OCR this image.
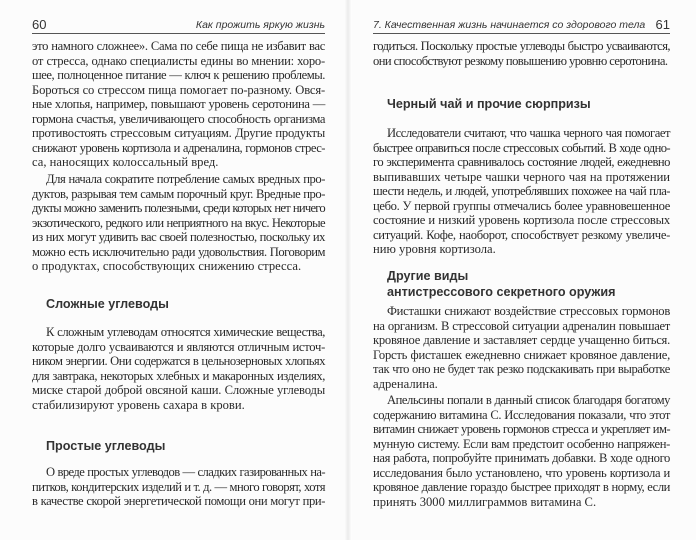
60	Как прожить яркую жизнь
это намного сложнее». Сама по себе пища не избавит вас
от стресса, однако специалисты едины во мнении: хоро-
шее, полноценное питание — ключ к решению проблемы.
Бороться со стрессом пища помогает по-разному. Овся-
ные хлопья, например, повышают уровень серотонина —
гормона счастья, увеличивающего способность организма
противостоять стрессовым ситуациям. Другие продукты
снижают уровень кортизола и адреналина, гормонов стрес-
са, наносящих колоссальный вред.
Для начала сократите потребление самых вредных про-
дуктов, разрывая тем самым порочный круг. Вредные про-
дукты можно заменить полезными, среди которых нет ничего
экзотического, редкого или неприятного на вкус. Некоторые
из них могут удивить вас своей полезностью, поскольку их
можно есть исключительно ради удовольствия. Поговорим
о продуктах, способствующих снижению стресса.
Сложные углеводы
К сложным углеводам относятся химические вещества,
которые долго усваиваются и являются отличным источ-
ником энергии. Они содержатся в цельнозерновых хлопьях
для завтрака, некоторых хлебных и макаронных изделиях,
миске старой доброй овсяной каши. Сложные углеводы
стабилизируют уровень сахара в крови.
Простые углеводы
О вреде простых углеводов — сладких газированных на-
питков, кондитерских изделий и т. д. — много говорят, хотя
в качестве скорой энергетической помощи они могут при-
7. Качественная жизнь начинается со здорового тела 61
годиться. Поскольку простые углеводы быстро усваиваются,
они способствуют резкому повышению уровню серотонина.
Черный чай и прочие сюрпризы
Исследователи считают, что чашка черного чая помогает
быстрее оправиться после стрессовых событий. В ходе одно-
го эксперимента сравнивалось состояние людей, ежедневно
выпивавших четыре чашки черного чая на протяжении
шести недель, и людей, употреблявших похожее на чай пла-
цебо. У первой группы отмечались более уравновешенное
состояние и низкий уровень кортизола после стрессовых
ситуаций. Кофе, наоборот, способствует резкому увеличе-
нию уровня кортизола.
Другие виды
антистрессового секретного оружия
Фисташки снижают воздействие стрессовых гормонов
на организм. В стрессовой ситуации адреналин повышает
кровяное давление и заставляет сердце учащенно биться.
Горсть фисташек ежедневно снижает кровяное давление,
так что оно не будет так резко подскакивать при выработке
адреналина.
Апельсины попали в данный список благодаря богатому
содержанию витамина С. Исследования показали, что этот
витамин снижает уровень гормонов стресса и укрепляет им-
мунную систему. Если вам предстоит особенно напряжен-
ная работа, попробуйте принимать добавки. В ходе одного
исследования было установлено, что уровень кортизола и
кровяное давление гораздо быстрее приходят в норму, если
принять 3000 миллиграммов витамина С.
